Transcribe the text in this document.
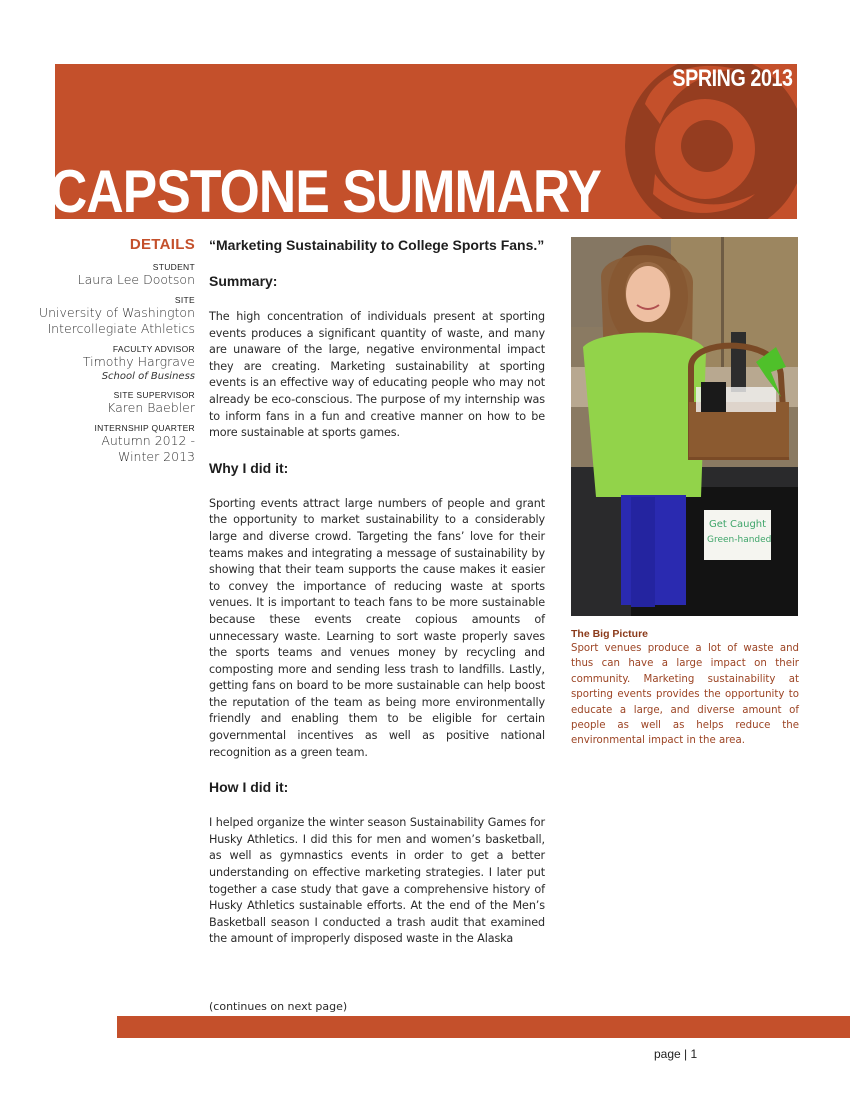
SPRING 2013
CAPSTONE SUMMARY
DETAILS
STUDENT
Laura Lee Dootson
SITE
University of Washington
Intercollegiate Athletics
FACULTY ADVISOR
Timothy Hargrave
School of Business
SITE SUPERVISOR
Karen Baebler
INTERNSHIP QUARTER
Autumn 2012 -
Winter 2013
“Marketing Sustainability to College Sports Fans.”
Summary:
The high concentration of individuals present at sporting events produces a significant quantity of waste, and many are unaware of the large, negative environmental impact they are creating. Marketing sustainability at sporting events is an effective way of educating people who may not already be eco-conscious. The purpose of my internship was to inform fans in a fun and creative manner on how to be more sustainable at sports games.
Why I did it:
Sporting events attract large numbers of people and grant the opportunity to market sustainability to a considerably large and diverse crowd. Targeting the fans’ love for their teams makes and integrating a message of sustainability by showing that their team supports the cause makes it easier to convey the importance of reducing waste at sports venues. It is important to teach fans to be more sustainable because these events create copious amounts of unnecessary waste. Learning to sort waste properly saves the sports teams and venues money by recycling and composting more and sending less trash to landfills. Lastly, getting fans on board to be more sustainable can help boost the reputation of the team as being more environmentally friendly and enabling them to be eligible for certain governmental incentives as well as positive national recognition as a green team.
How I did it:
I helped organize the winter season Sustainability Games for Husky Athletics. I did this for men and women’s basketball, as well as gymnastics events in order to get a better understanding on effective marketing strategies. I later put together a case study that gave a comprehensive history of Husky Athletics sustainable efforts. At the end of the Men’s Basketball season I conducted a trash audit that examined the amount of improperly disposed waste in the Alaska
(continues on next page)
Get Caught
Green-handed
The Big Picture
Sport venues produce a lot of waste and thus can have a large impact on their community. Marketing sustainability at sporting events provides the opportunity to educate a large, and diverse amount of people as well as helps reduce the environmental impact in the area.
page | 1
